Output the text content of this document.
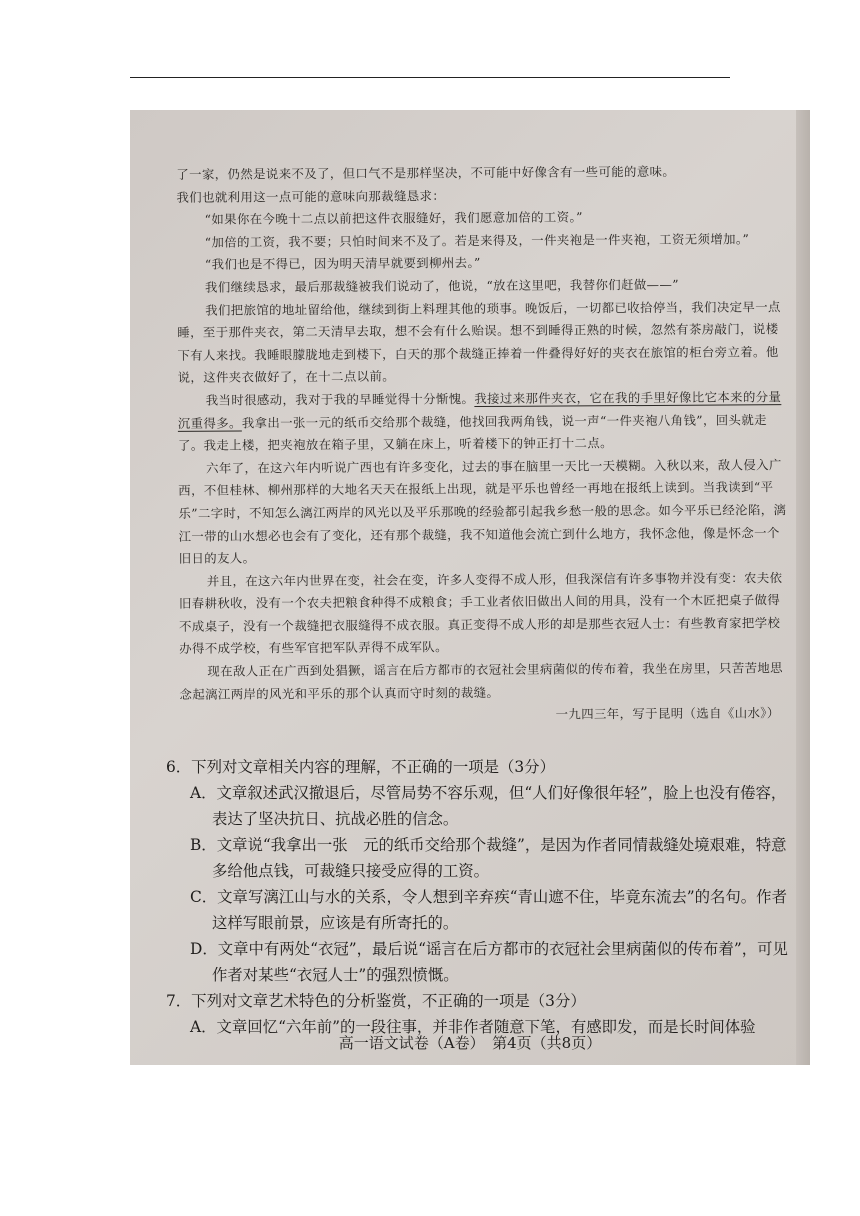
了一家，仍然是说来不及了，但口气不是那样坚决，不可能中好像含有一些可能的意味。

我们也就利用这一点可能的意味向那裁缝恳求：

“如果你在今晚十二点以前把这件衣服缝好，我们愿意加倍的工资。”

“加倍的工资，我不要；只怕时间来不及了。若是来得及，一件夹袍是一件夹袍，工资无须增加。”

“我们也是不得已，因为明天清早就要到柳州去。”

我们继续恳求，最后那裁缝被我们说动了，他说，“放在这里吧，我替你们赶做——”

我们把旅馆的地址留给他，继续到街上料理其他的琐事。晚饭后，一切都已收拾停当，我们决定早一点睡，至于那件夹衣，第二天清早去取，想不会有什么贻误。想不到睡得正熟的时候，忽然有茶房敲门，说楼下有人来找。我睡眼朦胧地走到楼下，白天的那个裁缝正捧着一件叠得好好的夹衣在旅馆的柜台旁立着。他说，这件夹衣做好了，在十二点以前。

我当时很感动，我对于我的早睡觉得十分惭愧。我接过来那件夹衣，它在我的手里好像比它本来的分量沉重得多。我拿出一张一元的纸币交给那个裁缝，他找回我两角钱，说一声“一件夹袍八角钱”，回头就走了。我走上楼，把夹袍放在箱子里，又躺在床上，听着楼下的钟正打十二点。

六年了，在这六年内听说广西也有许多变化，过去的事在脑里一天比一天模糊。入秋以来，敌人侵入广西，不但桂林、柳州那样的大地名天天在报纸上出现，就是平乐也曾经一再地在报纸上读到。当我读到“平乐”二字时，不知怎么漓江两岸的风光以及平乐那晚的经验都引起我乡愁一般的思念。如今平乐已经沦陷，漓江一带的山水想必也会有了变化，还有那个裁缝，我不知道他会流亡到什么地方，我怀念他，像是怀念一个旧日的友人。

并且，在这六年内世界在变，社会在变，许多人变得不成人形，但我深信有许多事物并没有变：农夫依旧春耕秋收，没有一个农夫把粮食种得不成粮食；手工业者依旧做出人间的用具，没有一个木匠把桌子做得不成桌子，没有一个裁缝把衣服缝得不成衣服。真正变得不成人形的却是那些衣冠人士：有些教育家把学校办得不成学校，有些军官把军队弄得不成军队。

现在敌人正在广西到处猖獗，谣言在后方都市的衣冠社会里病菌似的传布着，我坐在房里，只苦苦地思念起漓江两岸的风光和平乐的那个认真而守时刻的裁缝。

一九四三年，写于昆明（选自《山水》）

6．下列对文章相关内容的理解，不正确的一项是（3分）

A．文章叙述武汉撤退后，尽管局势不容乐观，但“人们好像很年轻”，脸上也没有倦容，表达了坚决抗日、抗战必胜的信念。

B．文章说“我拿出一张　元的纸币交给那个裁缝”，是因为作者同情裁缝处境艰难，特意多给他点钱，可裁缝只接受应得的工资。

C．文章写漓江山与水的关系，令人想到辛弃疾“青山遮不住，毕竟东流去”的名句。作者这样写眼前景，应该是有所寄托的。

D．文章中有两处“衣冠”，最后说“谣言在后方都市的衣冠社会里病菌似的传布着”，可见作者对某些“衣冠人士”的强烈愤慨。

7．下列对文章艺术特色的分析鉴赏，不正确的一项是（3分）

A．文章回忆“六年前”的一段往事，并非作者随意下笔，有感即发，而是长时间体验

高一语文试卷（A卷）　第4页（共8页）
